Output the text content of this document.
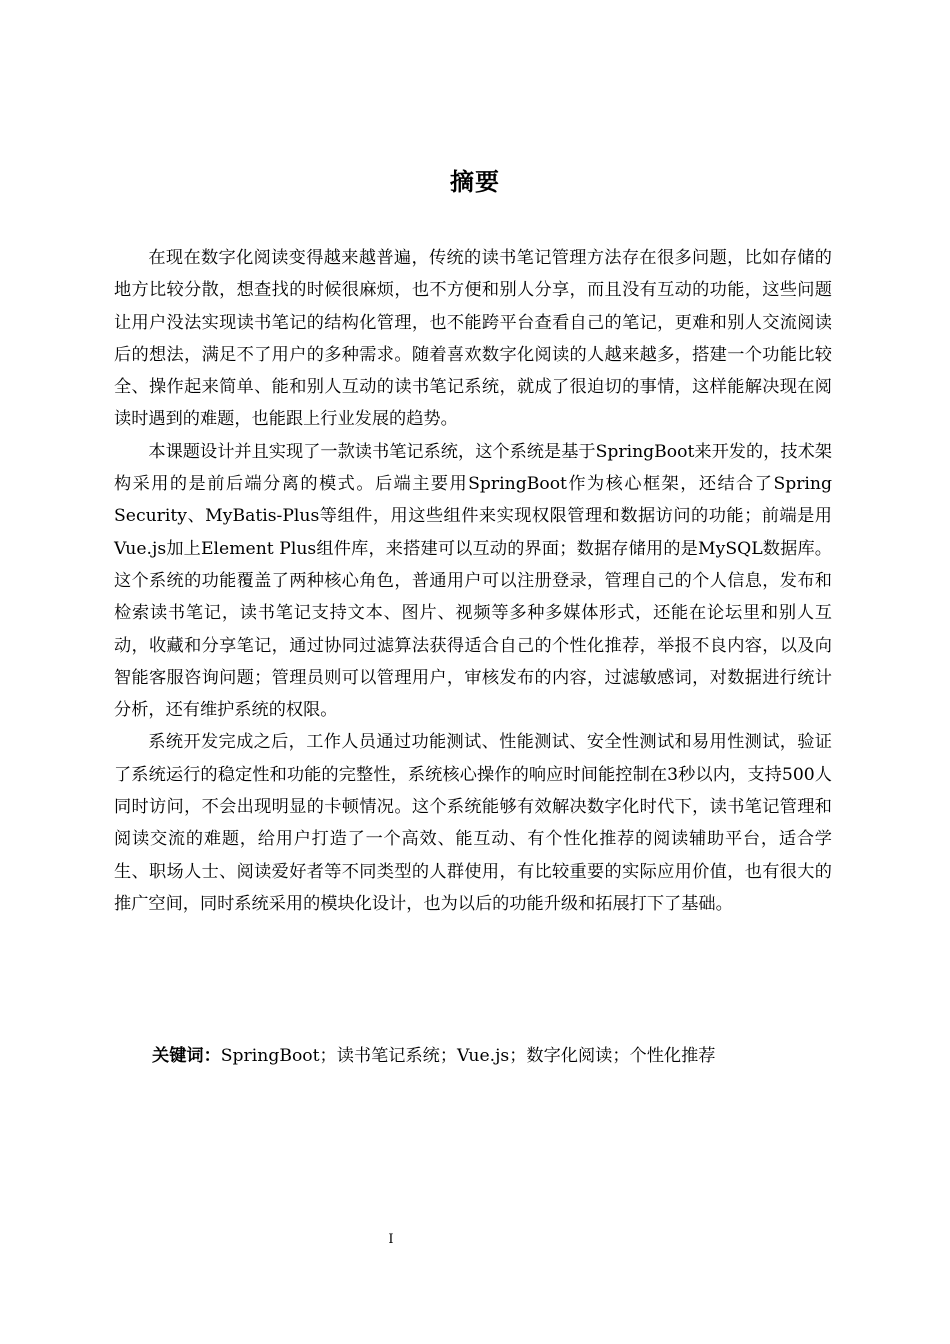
摘要

在现在数字化阅读变得越来越普遍，传统的读书笔记管理方法存在很多问题，比如存储的地方比较分散，想查找的时候很麻烦，也不方便和别人分享，而且没有互动的功能，这些问题让用户没法实现读书笔记的结构化管理，也不能跨平台查看自己的笔记，更难和别人交流阅读后的想法，满足不了用户的多种需求。随着喜欢数字化阅读的人越来越多，搭建一个功能比较全、操作起来简单、能和别人互动的读书笔记系统，就成了很迫切的事情，这样能解决现在阅读时遇到的难题，也能跟上行业发展的趋势。

本课题设计并且实现了一款读书笔记系统，这个系统是基于SpringBoot来开发的，技术架构采用的是前后端分离的模式。后端主要用SpringBoot作为核心框架，还结合了Spring Security、MyBatis-Plus等组件，用这些组件来实现权限管理和数据访问的功能；前端是用Vue.js加上Element Plus组件库，来搭建可以互动的界面；数据存储用的是MySQL数据库。这个系统的功能覆盖了两种核心角色，普通用户可以注册登录，管理自己的个人信息，发布和检索读书笔记，读书笔记支持文本、图片、视频等多种多媒体形式，还能在论坛里和别人互动，收藏和分享笔记，通过协同过滤算法获得适合自己的个性化推荐，举报不良内容，以及向智能客服咨询问题；管理员则可以管理用户，审核发布的内容，过滤敏感词，对数据进行统计分析，还有维护系统的权限。

系统开发完成之后，工作人员通过功能测试、性能测试、安全性测试和易用性测试，验证了系统运行的稳定性和功能的完整性，系统核心操作的响应时间能控制在3秒以内，支持500人同时访问，不会出现明显的卡顿情况。这个系统能够有效解决数字化时代下，读书笔记管理和阅读交流的难题，给用户打造了一个高效、能互动、有个性化推荐的阅读辅助平台，适合学生、职场人士、阅读爱好者等不同类型的人群使用，有比较重要的实际应用价值，也有很大的推广空间，同时系统采用的模块化设计，也为以后的功能升级和拓展打下了基础。

关键词：SpringBoot；读书笔记系统；Vue.js；数字化阅读；个性化推荐
I
